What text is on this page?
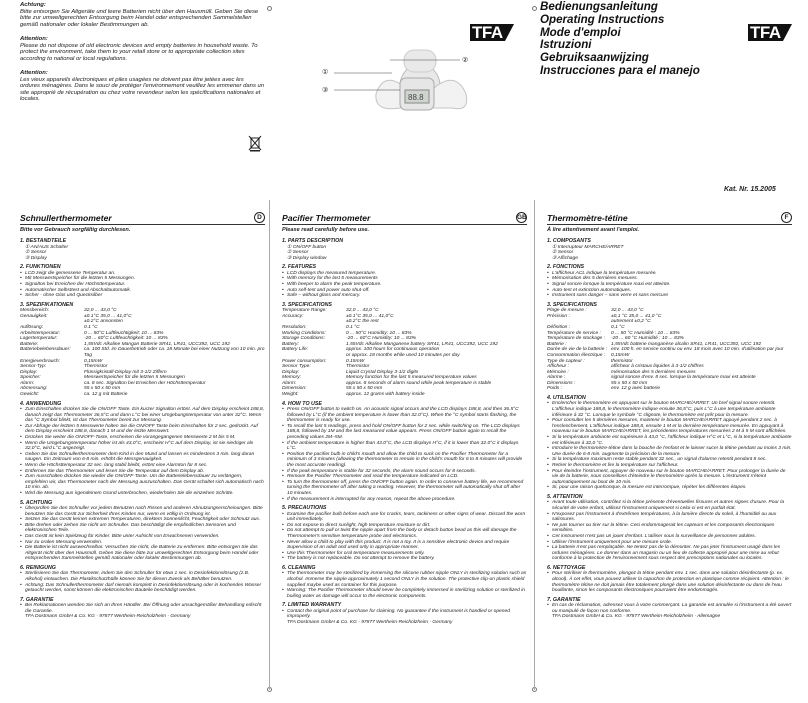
Achtung:
Bitte entsorgen Sie Altgeräte und leere Batterien nicht über den Hausmüll. Geben Sie diese bitte zur umweltgerechten Entsorgung beim Handel oder entsprechenden Sammelstellen gemäß nationaler oder lokaler Bestimmungen ab.
Attention:
Please do not dispose of old electronic devices and empty batteries in household waste. To protect the environment, take them to your retail store or to appropriate collection sites according to national or local regulations.
Attention:
Les vieux appareils électroniques et piles usagées ne doivent pas être jetées avec les ordures ménagères. Dans le souci de protéger l'environnement veuillez les emmener dans un site approprié de récupération ou chez votre revendeur selon les spécifications nationales et locales.
TFA
88.8
①
②
③
TFA
Bedienungsanleitung
Operating Instructions
Mode d'emploi
Istruzioni
Gebruiksaanwijzing
Instrucciones para el manejo
Kat. Nr. 15.2005
Schnullerthermometer	D
Bitte vor Gebrauch sorgfältig durchlesen.
1. BESTANDTEILE

① AN/AUS Schalter

② Sensor

③ Display

2. FUNKTIONEN

• LCD zeigt die gemessene Temperatur an.

• Mit Messwertspeicher für die letzten 5 Messungen.

• Signalton bei Erreichen der Höchsttemperatur.

• Automatischer Selbsttest und Abschaltautomatik.

• Sicher - ohne Glas und Quecksilber

3. SPEZIFIKATIONEN
Messbereich:	32,0 ... 43,0 °C
Genauigkeit:	±0.1°C 35,0 ... 41,0°C
±0.2°C ansonsten
Auflösung:	0.1 °C
Arbeitstemperatur:	0 ... 50°C Luftfeuchtigkeit: 10 ... 83%
Lagertemperatur:	-20 ... 60°C Luftfeuchtigkeit: 10 ... 83%
Batterie:	1,55Vdc Alkaline Mangan Batterie SR41, LR41, UCC392, UCC 192
Batteriebelebensdauer:	ca. 100 Std. im Dauerbetrieb oder ca. 18 Monate bei einer Nutzung von 10 min. pro Tag
Energieverbrauch:	0,15mW
Sensor-Typ:	Thermistor
Display:	Flüssigkristall-Display mit 3-1/2 Ziffern
Speicher:	Messwertspeicher für die letzten 5 Messungen
Alarm:	ca. 8 sec. Signalton bei Erreichen der Höchsttemperatur
Abmessung:	55 x 50 x 50 mm
Gewicht:	ca. 12 g mit Batterie
4. ANWENDUNG

• Zum Einschalten drücken Sie die ON/OFF Taste. Ein kurzer Signalton ertönt. Auf dem Display erscheint 188,8, danach zeigt das Thermometer 36,5°C und dann L°C bei einer Umgebungstemperatur von unter 32°C. Wenn das °C Symbol blinkt, ist das Thermometer bereit zur Messung.

• Zur Abfrage der letzten 5 Messwerte halten Sie die ON/OFF Taste beim Einschalten für 2 sec. gedrückt. Auf dem Display erscheint 188,8, danach 1 M und der letzte Messwert.

• Drücken Sie weiter die ON/OFF-Taste, erscheinen die vorangegangenen Messwerte 2 M bis 5 M.

• Wenn die Umgebungstemperatur höher ist als 43,0°C, erscheint H°C auf dem Display, ist sie niedriger als 32,0°C, wird L°C angezeigt.

• Geben Sie das Schnullerthermometer dem Kind in den Mund und lassen es mindestens 3 min. lang daran saugen. Ein Zeitraum von 6-8 min. erhöht die Messgenauigkeit.

• Wenn die Höchsttemperatur 32 sec. lang stabil bleibt, ertönt eine Alarmton für 8 sec.

• Entfernen Sie das Thermometer und lesen Sie die Temperatur auf dem Display ab.

• Zum Ausschalten drücken Sie wieder die ON/OFF-Taste. Um die Batterielebensdauer zu verlängern, empfehlen wir, das Thermometer nach der Messung auszuschalten. Das Gerät schaltet sich automatisch nach 10 min. ab.

• Wird die Messung aus irgendeinem Grund unterbrochen, wiederholen Sie die einzelnen Schritte.

5. ACHTUNG

• Überprüfen Sie den Schnuller vor jedem Benutzen nach Rissen und anderen Abnutzungserscheinungen. Bitte benutzen Sie das Gerät zur Sicherheit Ihres Kindes nur, wenn es völlig in Ordnung ist.

• Setzen Sie das Gerät keinen extremen Temperaturen, direktem Sonnenlicht, Feuchtigkeit oder Schmutz aus.

• Bitte drehen oder ziehen Sie nicht am Schnuller. Das beschädigt die empfindlichen Sensoren und elektronischen Teile.

• Das Gerät ist kein Spielzeug für Kinder. Bitte unter Aufsicht von Erwachsenen verwenden.

• Nur zu oralen Messung verwenden.

• Die Batterie ist nicht auswechselbar. Versuchen Sie nicht, die Batterie zu entfernen. Bitte entsorgen Sie das Altgerät nicht über den Hausmüll. Geben Sie diese bitte zur umweltgerechten Entsorgung beim Handel oder entsprechenden Sammelstellen gemäß nationaler oder lokaler Bestimmungen ab.

6. REINIGUNG

• Sterilisieren Sie das Thermometer, indem Sie den Schnuller für etwa 1 sec. in Desinfektionslösung (z.B. Alkohol) eintauchen. Die Plastikschutzhülle können Sie für diesen Zweck als Behälter benutzen.

• Achtung: Das Schnullerthermometer darf niemals komplett in Desinfektionslösung oder in kochendes Wasser getaucht werden, sonst können die elektronischen Bauteile beschädigt werden.

7. GARANTIE

• Bei Reklamationen wenden Sie sich an Ihren Händler. Bei Öffnung oder unsachgemäßer Behandlung erlischt die Garantie.

TFA Dostmann GmbH & Co. KG · 97877 Wertheim-Reicholzheim · Germany

Pacifier Thermometer	GB
Please read carefully before use.
1. PARTS DESCRIPTION

① ON/OFF button

② Sensor

③ Display window

2. FEATURES

• LCD displays the measured temperature.

• With memory for the last 5 measurements

• With beeper to alarm the peak temperature.

• Auto self-test and power auto shut-off.

• Safe – without glass and mercury.

3. SPECIFICATIONS
Temperature Range:	32,0 ... 43,0 °C
Accuracy:	±0.1°C 35,0 ... 41,0°C
±0.2°C the rest
Resolution:	0.1 °C
Working Conditions:	0 ... 50°C Humidity: 10 ... 83%
Storage Conditions:	-20 ... 60°C Humidity: 10 ... 83%
Battery:	1.55Vdc Alkaline Manganese battery SR41, LR41, UCC392, UCC 192
Battery Life:	approx. 100 hours for continuous operation
or approx. 18 months while used 10 minutes per day
Power consumption:	0.15mW
Sensor Type:	Thermistor
Display:	Liquid Crystal Display 3-1/2 digits
Memory:	Memory function for the last 5 measured temperature values
Alarm:	approx. 8 seconds of alarm sound while peak temperature is stable
Dimension:	55 x 50 x 50 mm
Weight:	approx. 12 grams with battery inside
4. HOW TO USE

• Press ON/OFF button to switch on. An acoustic signal occurs and the LCD displays 188,8, and then 36.5°C followed by L°C (if the ambient temperature is lower than 32.0°C). When the °C symbol starts flashing, the thermometer is ready for use.

• To recall the last 5 readings, press and hold ON/OFF button for 2 sec. while switching on. The LCD displays 188,8, followed by 1M and the last measured value appears. Press ON/OFF button again to recall the preceding values 2M–5M.

• If the ambient temperature is higher than 43.0°C, the LCD displays H°C, if it is lower than 32.0°C it displays L°C.

• Position the pacifier bulb in child's mouth and allow the child to suck on the Pacifier Thermometer for a minimum of 3 minutes (allowing the thermometer to remain in the child's mouth for 6 to 8 minutes will provide the most accurate reading).

• If the peak temperature is stable for 32 seconds, the alarm sound occurs for 8 seconds.

• Remove the Pacifier Thermometer and read the temperature indicated on LCD.

• To turn the thermometer off, press the ON/OFF button again. In order to conserve battery life, we recommend turning the thermometer off after taking a reading. However, the thermometer will automatically shut off after 10 minutes.

• If the measurement is interrupted for any reason, repeat the above procedure.

5. PRECAUTIONS

• Examine the pacifier bulb before each use for cracks, tears, tackiness or other signs of wear. Discard the worn unit immediately.

• Do not expose to direct sunlight, high temperature moisture or dirt.

• Do not attempt to pull or twist the nipple apart from the body or detach button bead as this will damage the Thermometer's sensitive temperature probe and electronics.

• Never allow a child to play with this product. It is not a toy. It is a sensitive electronic device and require Supervision of an adult and used only in appropriate manner.

• Use this Thermometer for oral temperature measurements only.

• The battery is not replaceable. Do not attempt to remove the battery.

6. CLEANING

• The thermometer may be sterilized by immersing the silicone rubber nipple ONLY in sterilizing solution such as alcohol. Immerse the nipple approximately 1 second ONLY in the solution. The protective clip-on plastic shield supplied maybe used as container for this purpose.

• Warning: The Pacifier Thermometer should never be completely immersed in sterilizing solution or sterilized in boiling water as damage will occur to the electronic components.

7. LIMITED WARRANTY

• Contact the original point of purchase for claiming. No guarantee if the instrument is handled or opened improperly.

TFA Dostmann GmbH & Co. KG · 97877 Wertheim-Reicholzheim · Germany

Thermomètre-tétine	F
À lire attentivement avant l'emploi.
1. COMPOSANTS

① Interrupteur MARCHE/ARRET

② Sensor

③ Affichage

2. FONCTIONS

• L'afficheur ACL indique la température mesurée.

• Mémorisation des 5 dernières mesures.

• Signal sonore lorsque la température maxi est atteinte.

• Auto-test et extinction automatiques.

• Instrument sans danger – sans verre et sans mercure

3. SPECIFICATIONS
Plage de mesure :	32,0 ... 43,0 °C
Précision :	±0,1 °C 35,0 ... 41,0 °C
autrement ±0,2 °C
Définition :	0,1 °C
Température de service :	0 ... 50 °C Humidité : 10 ... 83%
Température de stockage :	-20 ... 60 °C Humidité : 10 ... 83%
Batterie :	1,55Vdc batterie manganèse alcalin SR41, LR41, UCC392, UCC 192
Durée de vie de la batterie : env. 100 h. en service continu ou env. 18 mois avec 10 min. d'utilisation par jour
Consommation électrique :	0,15mW
Type de capteur :	thermistor
Afficheur :	afficheur à cristaux liquides à 3-1/2 chiffres
Mémoire :	mémorisation des 5 dernières mesures
Alarme :	signal sonore d'env. 8 sec. lorsque la température maxi est atteinte
Dimensions :	55 x 50 x 50 mm
Poids :	env. 12 g avec batterie
4. UTILISATION

• Enclencher le thermomètre en appuyant sur le bouton MARCHE/ARRET. Un bref signal sonore retentit. L'afficheur indique 188,8, le thermomètre indique ensuite 36,5°C, puis L°C à une température ambiante inférieure à 32 °C. Lorsque le symbole °C clignote, le thermomètre est prêt pour la mesure.

• Pour consulter les 5 dernières mesures, maintenir le bouton MARCHE/ARRET appuyé pendant 2 sec. à l'enclenchement. L'afficheur indique 188,8, ensuite 1 M et la dernière température mesurée. En appuyant à nouveau sur le bouton MARCHE/ARRET, les précédentes températures mesurées 2 M à 5 M sont affichées.

• Si la température ambiante est supérieure à 43,0 °C, l'afficheur indique H°C et L°C, si la température ambiante est inférieure à 32,0 °C.

• Introduire le thermomètre-tétine dans la bouche de l'enfant et le laisser sucer la tétine pendant au moins 3 min. Une durée de 6-8 min. augmente la précision de la mesure.

• Si la température maximum reste stable pendant 32 sec., un signal d'alarme retentit pendant 8 sec.

• Retirer le thermomètre et lire la température sur l'afficheur.

• Pour éteindre l'instrument, appuyer de nouveau sur le bouton MARCHE/ARRET. Pour prolonger la durée de vie de la batterie, nous conseillons d'éteindre le thermomètre après la mesure. L'instrument s'éteint automatiquement au bout de 10 min.

• Si, pour une raison quelconque, la mesure est interrompue, répéter les différentes étapes.

5. ATTENTION

• Avant toute utilisation, contrôlez si la tétine présente d'éventuelles fissures et autres signes d'usure. Pour la sécurité de votre enfant, utilisez l'instrument uniquement si celui-ci est en parfait état.

• N'exposez pas l'instrument à d'extrêmes températures, à la lumière directe du soleil, à l'humidité ou aux salissures.

• Ne pas tourner ou tirer sur la tétine. Ceci endommagerait les capteurs et les composants électroniques sensibles.

• Cet instrument n'est pas un jouet d'enfant. L'utiliser sous la surveillance de personnes adultes.

• Utiliser l'instrument uniquement pour une mesure orale.

• La batterie n'est pas remplaçable. Ne tentez pas de la démonter. Ne pas jeter l'instrument usagé dans les ordures ménagères. Le donner dans un magasin ou un lieu de collecte approprié pour une mise au rebut conforme à la protection de l'environnement sous respect des prescriptions nationales ou locales.

6. NETTOYAGE

• Pour stériliser le thermomètre, plongez la tétine pendant env. 1 sec. dans une solution désinfectante (p. ex. alcool). À cet effet, vous pouvez utiliser la capuchon de protection en plastique comme récipient. Attention : le thermomètre tétine ne doit jamais être totalement plongé dans une solution désinfectante ou dans de l'eau bouillante, sinon les composants électroniques pourraient être endommagés.

7. GARANTIE

• En cas de réclamation, adressez vous à votre commerçant. La garantie est annulée si l'instrument a été ouvert ou manipulé de façon non conforme.

TFA Dostmann GmbH & Co. KG · 97877 Wertheim-Reicholzheim · Allemagne
